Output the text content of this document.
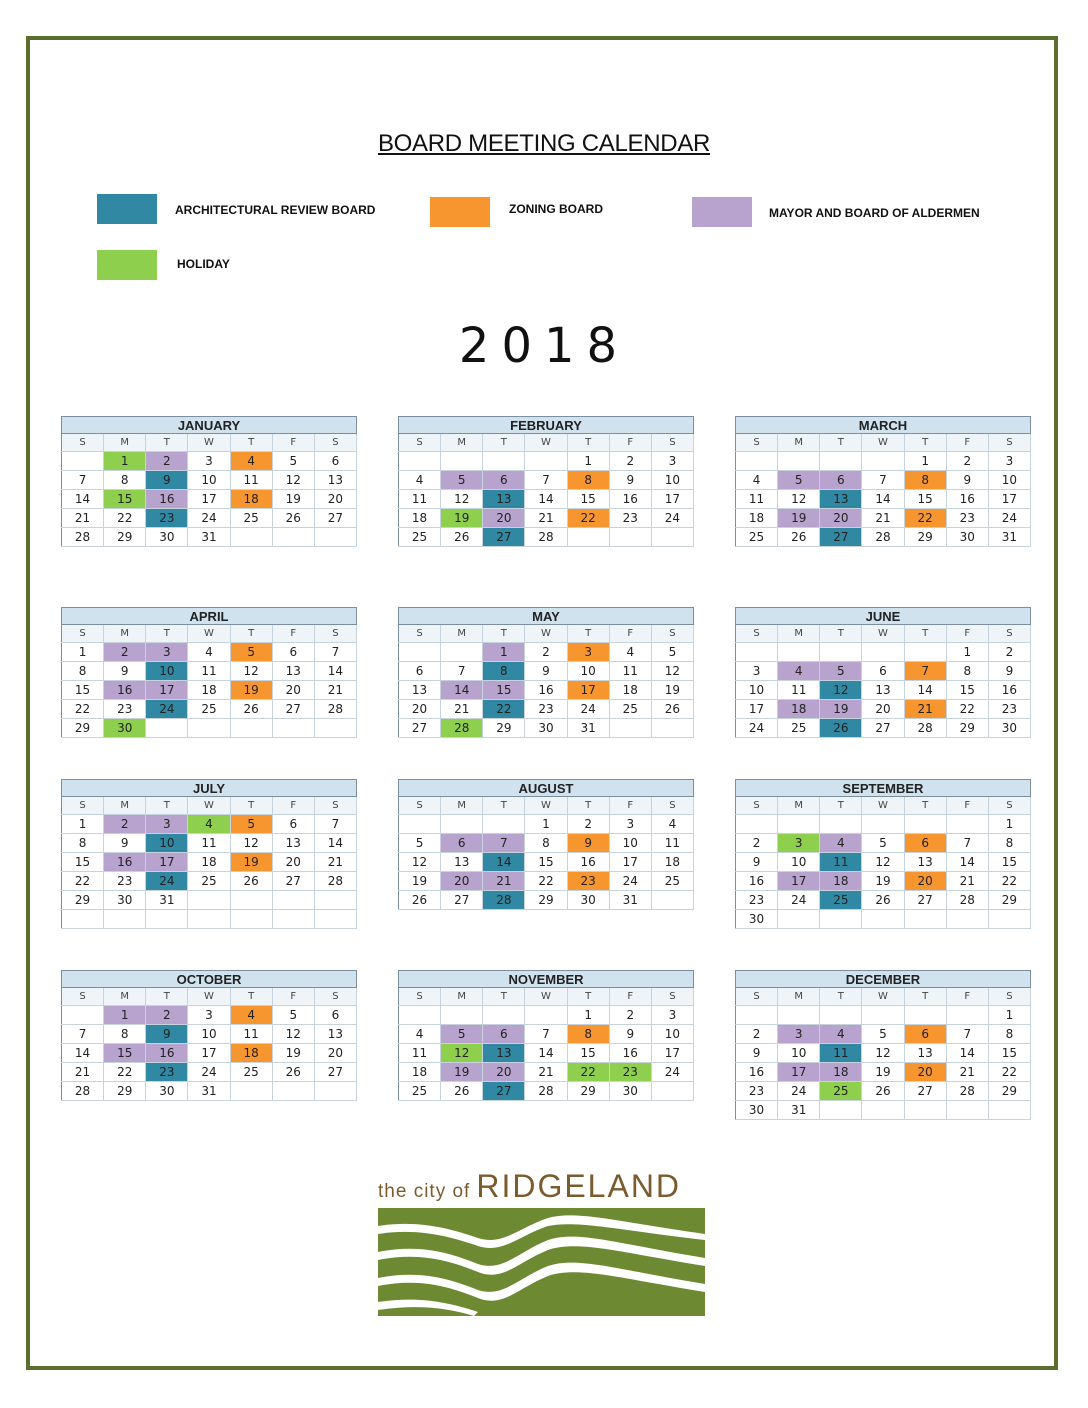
BOARD MEETING CALENDAR
ARCHITECTURAL REVIEW BOARD	ZONING BOARD	MAYOR AND BOARD OF ALDERMEN
HOLIDAY
2018
JANUARY						
S	M	T	W	T	F	S
	1	2	3	4	5	6
7	8	9	10	11	12	13
14	15	16	17	18	19	20
21	22	23	24	25	26	27
28	29	30	31			
FEBRUARY						
S	M	T	W	T	F	S
				1	2	3
4	5	6	7	8	9	10
11	12	13	14	15	16	17
18	19	20	21	22	23	24
25	26	27	28			
MARCH						
S	M	T	W	T	F	S
				1	2	3
4	5	6	7	8	9	10
11	12	13	14	15	16	17
18	19	20	21	22	23	24
25	26	27	28	29	30	31
APRIL						
S	M	T	W	T	F	S
1	2	3	4	5	6	7
8	9	10	11	12	13	14
15	16	17	18	19	20	21
22	23	24	25	26	27	28
29	30					
MAY						
S	M	T	W	T	F	S
		1	2	3	4	5
6	7	8	9	10	11	12
13	14	15	16	17	18	19
20	21	22	23	24	25	26
27	28	29	30	31		
JUNE						
S	M	T	W	T	F	S
					1	2
3	4	5	6	7	8	9
10	11	12	13	14	15	16
17	18	19	20	21	22	23
24	25	26	27	28	29	30
JULY						
S	M	T	W	T	F	S
1	2	3	4	5	6	7
8	9	10	11	12	13	14
15	16	17	18	19	20	21
22	23	24	25	26	27	28
29	30	31				

AUGUST						
S	M	T	W	T	F	S
			1	2	3	4
5	6	7	8	9	10	11
12	13	14	15	16	17	18
19	20	21	22	23	24	25
26	27	28	29	30	31	
SEPTEMBER						
S	M	T	W	T	F	S
						1
2	3	4	5	6	7	8
9	10	11	12	13	14	15
16	17	18	19	20	21	22
23	24	25	26	27	28	29
30						
OCTOBER						
S	M	T	W	T	F	S
	1	2	3	4	5	6
7	8	9	10	11	12	13
14	15	16	17	18	19	20
21	22	23	24	25	26	27
28	29	30	31			
NOVEMBER						
S	M	T	W	T	F	S
				1	2	3
4	5	6	7	8	9	10
11	12	13	14	15	16	17
18	19	20	21	22	23	24
25	26	27	28	29	30	
DECEMBER						
S	M	T	W	T	F	S
						1
2	3	4	5	6	7	8
9	10	11	12	13	14	15
16	17	18	19	20	21	22
23	24	25	26	27	28	29
30	31					
the city of RIDGELAND
